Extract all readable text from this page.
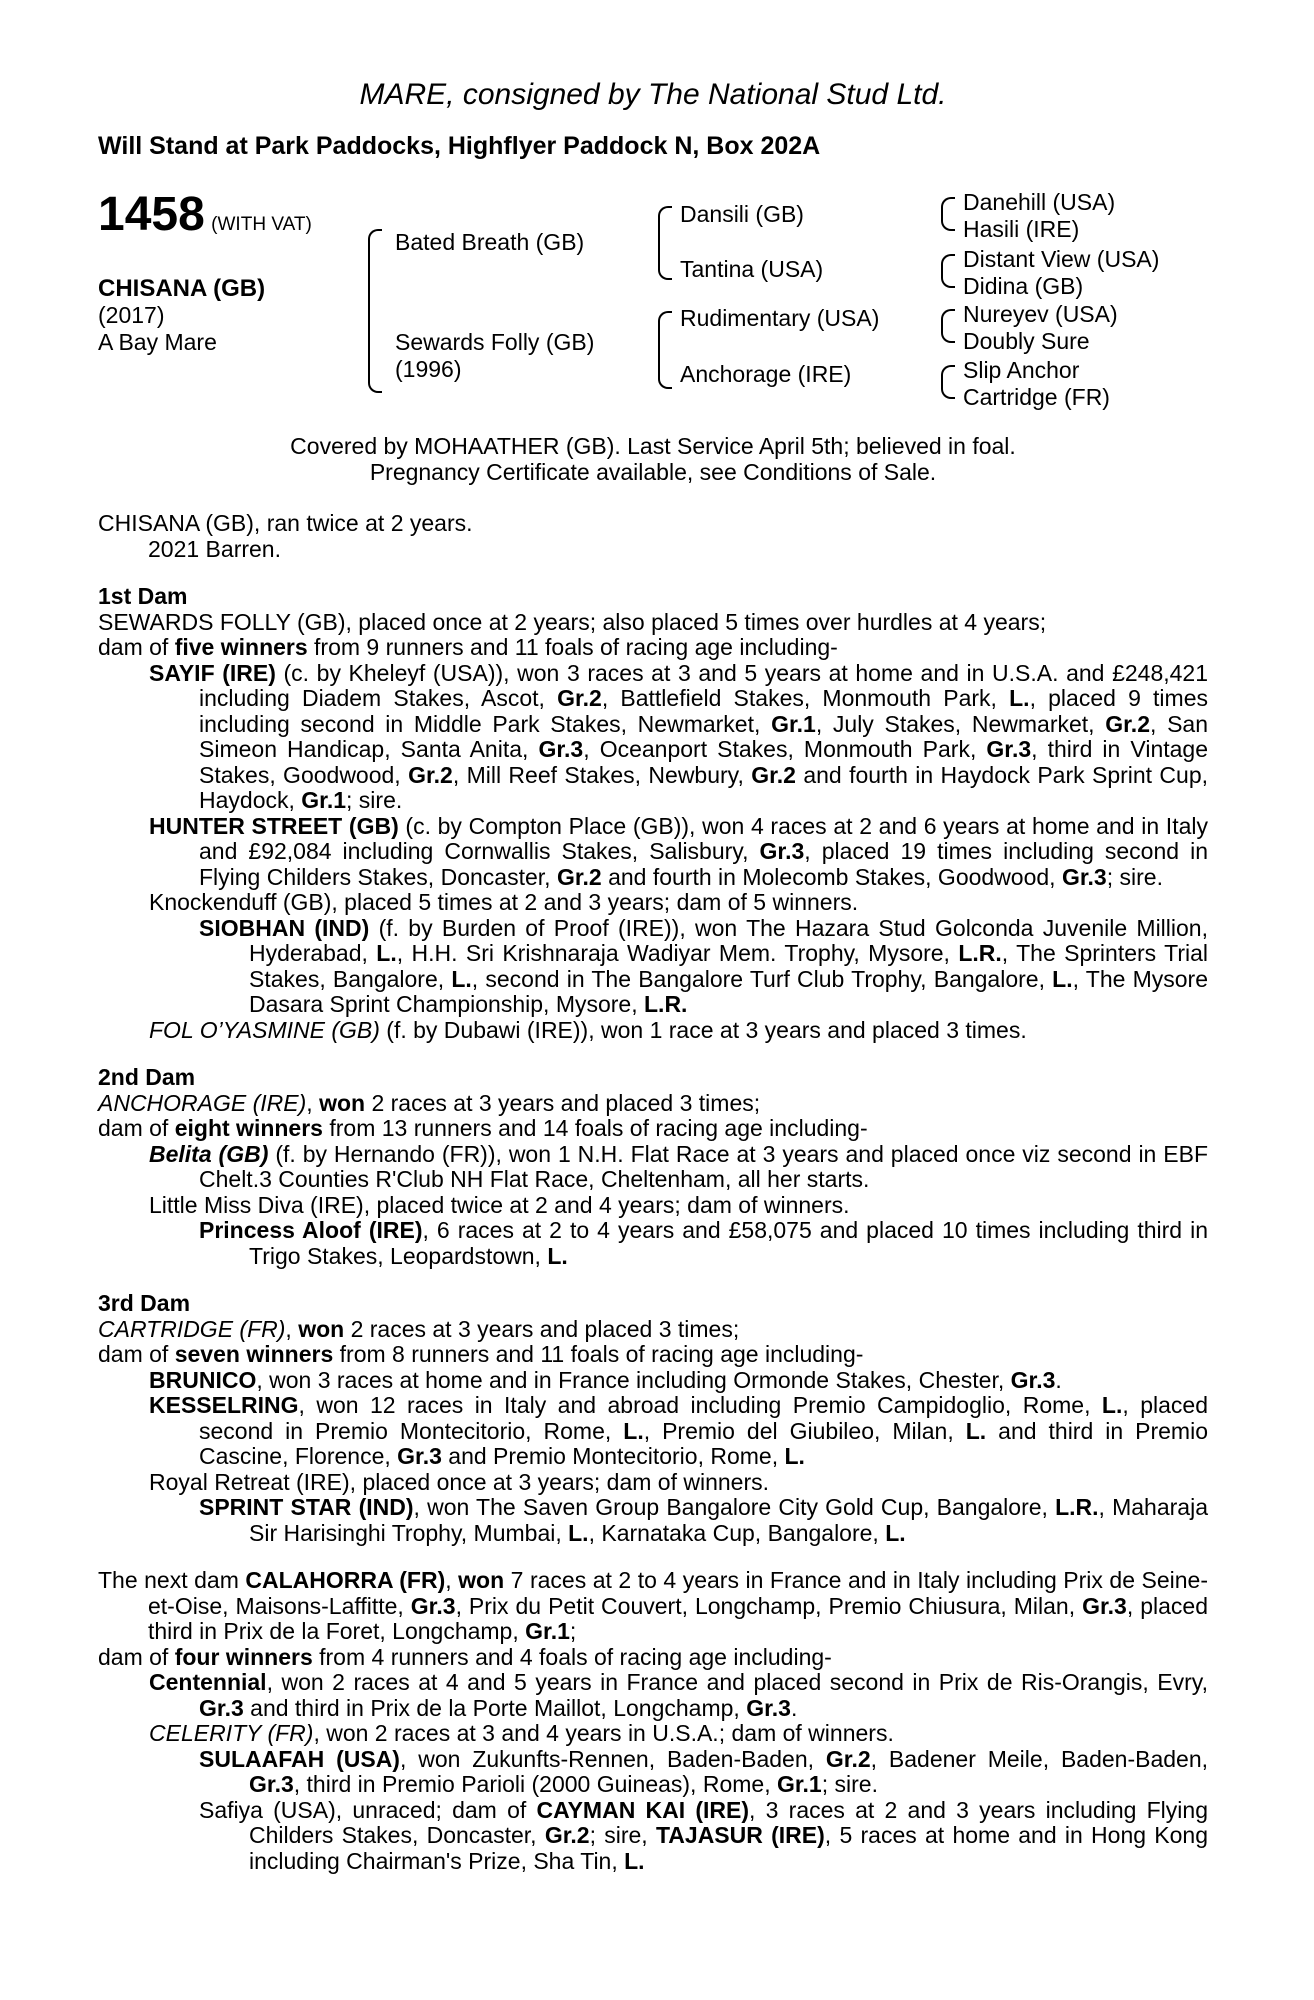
MARE, consigned by The National Stud Ltd.
Will Stand at Park Paddocks, Highflyer Paddock N, Box 202A
1458 (WITH VAT)
CHISANA (GB)
(2017)
A Bay Mare
Bated Breath (GB)
Sewards Folly (GB)
(1996)
Dansili (GB)
Tantina (USA)
Rudimentary (USA)
Anchorage (IRE)
Danehill (USA)
Hasili (IRE)
Distant View (USA)
Didina (GB)
Nureyev (USA)
Doubly Sure
Slip Anchor
Cartridge (FR)
Covered by MOHAATHER (GB). Last Service April 5th; believed in foal.
Pregnancy Certificate available, see Conditions of Sale.
CHISANA (GB), ran twice at 2 years.
2021 Barren.
1st Dam
SEWARDS FOLLY (GB), placed once at 2 years; also placed 5 times over hurdles at 4 years;
dam of five winners from 9 runners and 11 foals of racing age including-
SAYIF (IRE) (c. by Kheleyf (USA)), won 3 races at 3 and 5 years at home and in U.S.A. and £248,421 including Diadem Stakes, Ascot, Gr.2, Battlefield Stakes, Monmouth Park, L., placed 9 times including second in Middle Park Stakes, Newmarket, Gr.1, July Stakes, Newmarket, Gr.2, San Simeon Handicap, Santa Anita, Gr.3, Oceanport Stakes, Monmouth Park, Gr.3, third in Vintage Stakes, Goodwood, Gr.2, Mill Reef Stakes, Newbury, Gr.2 and fourth in Haydock Park Sprint Cup, Haydock, Gr.1; sire.
HUNTER STREET (GB) (c. by Compton Place (GB)), won 4 races at 2 and 6 years at home and in Italy and £92,084 including Cornwallis Stakes, Salisbury, Gr.3, placed 19 times including second in Flying Childers Stakes, Doncaster, Gr.2 and fourth in Molecomb Stakes, Goodwood, Gr.3; sire.
Knockenduff (GB), placed 5 times at 2 and 3 years; dam of 5 winners.
SIOBHAN (IND) (f. by Burden of Proof (IRE)), won The Hazara Stud Golconda Juvenile Million, Hyderabad, L., H.H. Sri Krishnaraja Wadiyar Mem. Trophy, Mysore, L.R., The Sprinters Trial Stakes, Bangalore, L., second in The Bangalore Turf Club Trophy, Bangalore, L., The Mysore Dasara Sprint Championship, Mysore, L.R.
FOL O’YASMINE (GB) (f. by Dubawi (IRE)), won 1 race at 3 years and placed 3 times.
2nd Dam
ANCHORAGE (IRE), won 2 races at 3 years and placed 3 times;
dam of eight winners from 13 runners and 14 foals of racing age including-
Belita (GB) (f. by Hernando (FR)), won 1 N.H. Flat Race at 3 years and placed once viz second in EBF Chelt.3 Counties R'Club NH Flat Race, Cheltenham, all her starts.
Little Miss Diva (IRE), placed twice at 2 and 4 years; dam of winners.
Princess Aloof (IRE), 6 races at 2 to 4 years and £58,075 and placed 10 times including third in Trigo Stakes, Leopardstown, L.
3rd Dam
CARTRIDGE (FR), won 2 races at 3 years and placed 3 times;
dam of seven winners from 8 runners and 11 foals of racing age including-
BRUNICO, won 3 races at home and in France including Ormonde Stakes, Chester, Gr.3.
KESSELRING, won 12 races in Italy and abroad including Premio Campidoglio, Rome, L., placed second in Premio Montecitorio, Rome, L., Premio del Giubileo, Milan, L. and third in Premio Cascine, Florence, Gr.3 and Premio Montecitorio, Rome, L.
Royal Retreat (IRE), placed once at 3 years; dam of winners.
SPRINT STAR (IND), won The Saven Group Bangalore City Gold Cup, Bangalore, L.R., Maharaja Sir Harisinghi Trophy, Mumbai, L., Karnataka Cup, Bangalore, L.
The next dam CALAHORRA (FR), won 7 races at 2 to 4 years in France and in Italy including Prix de Seine-et-Oise, Maisons-Laffitte, Gr.3, Prix du Petit Couvert, Longchamp, Premio Chiusura, Milan, Gr.3, placed third in Prix de la Foret, Longchamp, Gr.1;
dam of four winners from 4 runners and 4 foals of racing age including-
Centennial, won 2 races at 4 and 5 years in France and placed second in Prix de Ris-Orangis, Evry, Gr.3 and third in Prix de la Porte Maillot, Longchamp, Gr.3.
CELERITY (FR), won 2 races at 3 and 4 years in U.S.A.; dam of winners.
SULAAFAH (USA), won Zukunfts-Rennen, Baden-Baden, Gr.2, Badener Meile, Baden-Baden, Gr.3, third in Premio Parioli (2000 Guineas), Rome, Gr.1; sire.
Safiya (USA), unraced; dam of CAYMAN KAI (IRE), 3 races at 2 and 3 years including Flying Childers Stakes, Doncaster, Gr.2; sire, TAJASUR (IRE), 5 races at home and in Hong Kong including Chairman's Prize, Sha Tin, L.
